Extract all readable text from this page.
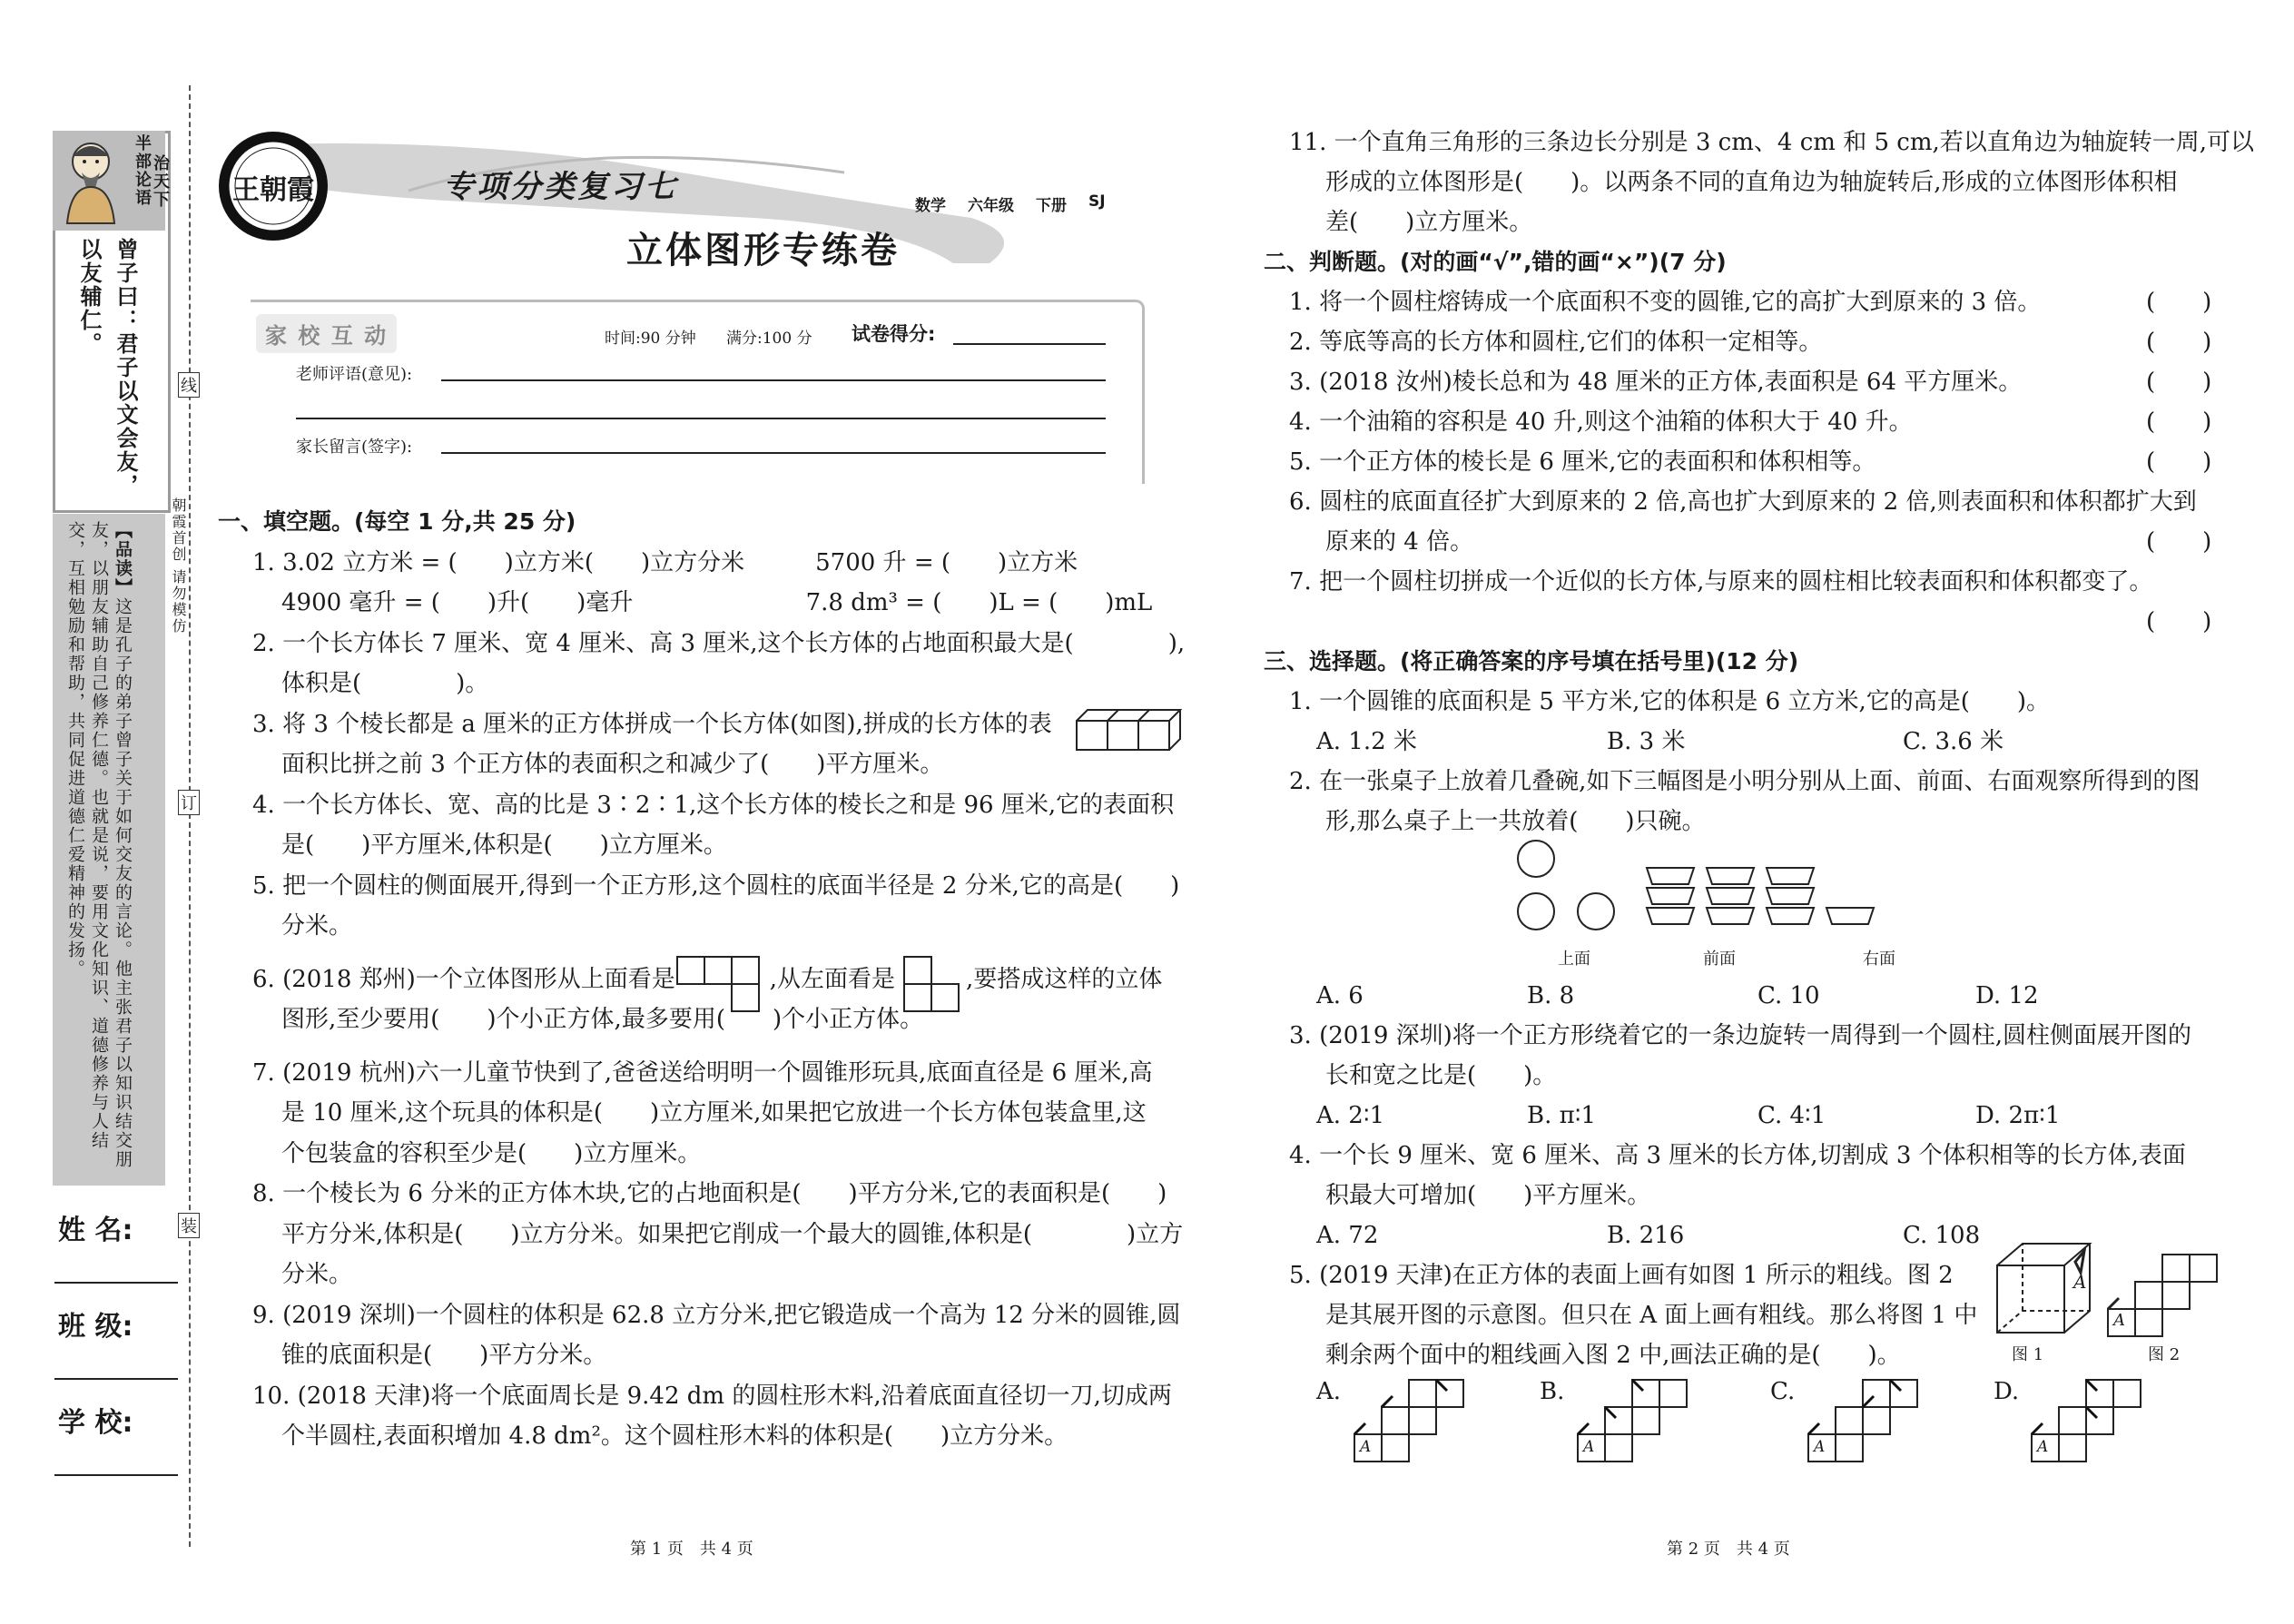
半部论语 治天下
曾子曰：君子以文会友，以友辅仁。
【品读】这是孔子的弟子曾子关于如何交友的言论。他主张君子以知识结交朋友，以朋友辅助自己修养仁德。也就是说，要用文化知识、道德修养与人结交，互相勉励和帮助，共同促进道德仁爱精神的发扬。
姓 名:
班 级:
学 校:
线
订
装
朝霞首创 请勿模仿
王朝霞	专项分类复习七
数学 六年级 下册 SJ
立体图形专练卷
家 校 互 动	时间:90 分钟 满分:100 分 试卷得分:
老师评语(意见):
家长留言(签字):
一、填空题。(每空 1 分,共 25 分)
1. 3.02 立方米 = (　　)立方米(　　)立方分米　　　5700 升 = (　　)立方米
4900 毫升 = (　　)升(　　)毫升　　　　　　　 7.8 dm³ = (　　)L = (　　)mL
2. 一个长方体长 7 厘米、宽 4 厘米、高 3 厘米,这个长方体的占地面积最大是(　　　　),
体积是(　　　　)。
3. 将 3 个棱长都是 a 厘米的正方体拼成一个长方体(如图),拼成的长方体的表
面积比拼之前 3 个正方体的表面积之和减少了(　　)平方厘米。
4. 一个长方体长、宽、高的比是 3∶2∶1,这个长方体的棱长之和是 96 厘米,它的表面积
是(　　)平方厘米,体积是(　　)立方厘米。
5. 把一个圆柱的侧面展开,得到一个正方形,这个圆柱的底面半径是 2 分米,它的高是(　　)
分米。
6. (2018 郑州)一个立体图形从上面看是　　　　,从左面看是　　　,要搭成这样的立体
图形,至少要用(　　)个小正方体,最多要用(　　)个小正方体。
7. (2019 杭州)六一儿童节快到了,爸爸送给明明一个圆锥形玩具,底面直径是 6 厘米,高
是 10 厘米,这个玩具的体积是(　　)立方厘米,如果把它放进一个长方体包装盒里,这
个包装盒的容积至少是(　　)立方厘米。
8. 一个棱长为 6 分米的正方体木块,它的占地面积是(　　)平方分米,它的表面积是(　　)
平方分米,体积是(　　)立方分米。如果把它削成一个最大的圆锥,体积是(　　　　)立方
分米。
9. (2019 深圳)一个圆柱的体积是 62.8 立方分米,把它锻造成一个高为 12 分米的圆锥,圆
锥的底面积是(　　)平方分米。
10. (2018 天津)将一个底面周长是 9.42 dm 的圆柱形木料,沿着底面直径切一刀,切成两
个半圆柱,表面积增加 4.8 dm²。这个圆柱形木料的体积是(　　)立方分米。
11. 一个直角三角形的三条边长分别是 3 cm、4 cm 和 5 cm,若以直角边为轴旋转一周,可以
形成的立体图形是(　　)。以两条不同的直角边为轴旋转后,形成的立体图形体积相
差(　　)立方厘米。
二、判断题。(对的画“√”,错的画“×”)(7 分)
1. 将一个圆柱熔铸成一个底面积不变的圆锥,它的高扩大到原来的 3 倍。	(　　)
2. 等底等高的长方体和圆柱,它们的体积一定相等。	(　　)
3. (2018 汝州)棱长总和为 48 厘米的正方体,表面积是 64 平方厘米。	(　　)
4. 一个油箱的容积是 40 升,则这个油箱的体积大于 40 升。	(　　)
5. 一个正方体的棱长是 6 厘米,它的表面积和体积相等。	(　　)
6. 圆柱的底面直径扩大到原来的 2 倍,高也扩大到原来的 2 倍,则表面积和体积都扩大到
原来的 4 倍。	(　　)
7. 把一个圆柱切拼成一个近似的长方体,与原来的圆柱相比较表面积和体积都变了。
(　　)
三、选择题。(将正确答案的序号填在括号里)(12 分)
1. 一个圆锥的底面积是 5 平方米,它的体积是 6 立方米,它的高是(　　)。
A. 1.2 米	B. 3 米	C. 3.6 米
2. 在一张桌子上放着几叠碗,如下三幅图是小明分别从上面、前面、右面观察所得到的图
形,那么桌子上一共放着(　　)只碗。
A. 6	B. 8	C. 10	D. 12
3. (2019 深圳)将一个正方形绕着它的一条边旋转一周得到一个圆柱,圆柱侧面展开图的
长和宽之比是(　　)。
A. 2∶1	B. π∶1	C. 4∶1	D. 2π∶1
4. 一个长 9 厘米、宽 6 厘米、高 3 厘米的长方体,切割成 3 个体积相等的长方体,表面
积最大可增加(　　)平方厘米。
A. 72	B. 216	C. 108
5. (2019 天津)在正方体的表面上画有如图 1 所示的粗线。图 2
是其展开图的示意图。但只在 A 面上画有粗线。那么将图 1 中
剩余两个面中的粗线画入图 2 中,画法正确的是(　　)。
上面	前面	右面
A
图 1
A
图 2
A.
A
B.
A
C.
A
D.
A
第 1 页　共 4 页	第 2 页　共 4 页
